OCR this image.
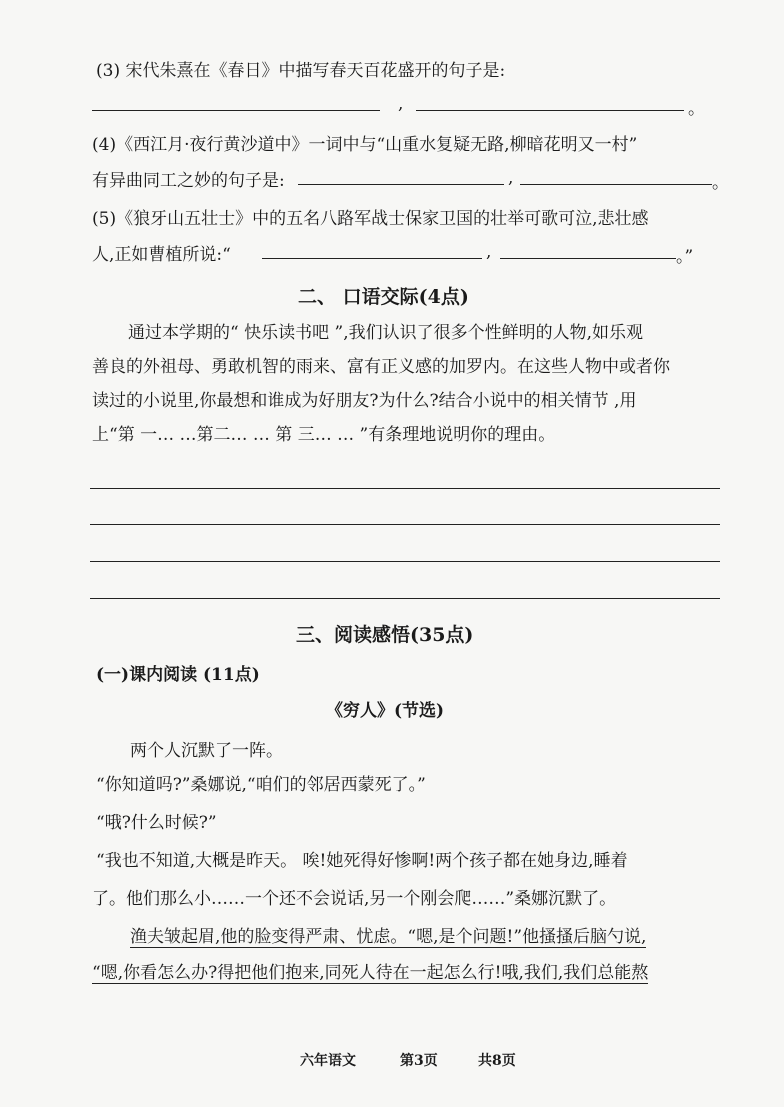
(3) 宋代朱熹在《春日》中描写春天百花盛开的句子是:
,	。
(4)《西江月·夜行黄沙道中》一词中与“山重水复疑无路,柳暗花明又一村”
有异曲同工之妙的句子是:	,	。
(5)《狼牙山五壮士》中的五名八路军战士保家卫国的壮举可歌可泣,悲壮感
人,正如曹植所说:“	,	。”
二、 口语交际(4点)
通过本学期的“ 快乐读书吧 ”,我们认识了很多个性鲜明的人物,如乐观
善良的外祖母、勇敢机智的雨来、富有正义感的加罗内。在这些人物中或者你
读过的小说里,你最想和谁成为好朋友?为什么?结合小说中的相关情节 ,用
上“第 一… …第二… … 第 三… … ”有条理地说明你的理由。
三、阅读感悟(35点)
(一)课内阅读 (11点)
《穷人》(节选)
两个人沉默了一阵。
“你知道吗?”桑娜说,“咱们的邻居西蒙死了。”
“哦?什么时候?”
“我也不知道,大概是昨天。 唉!她死得好惨啊!两个孩子都在她身边,睡着
了。他们那么小……一个还不会说话,另一个刚会爬……”桑娜沉默了。
渔夫皱起眉,他的脸变得严肃、忧虑。“嗯,是个问题!”他搔搔后脑勺说,
“嗯,你看怎么办?得把他们抱来,同死人待在一起怎么行!哦,我们,我们总能熬
六年语文	第3页	共8页
